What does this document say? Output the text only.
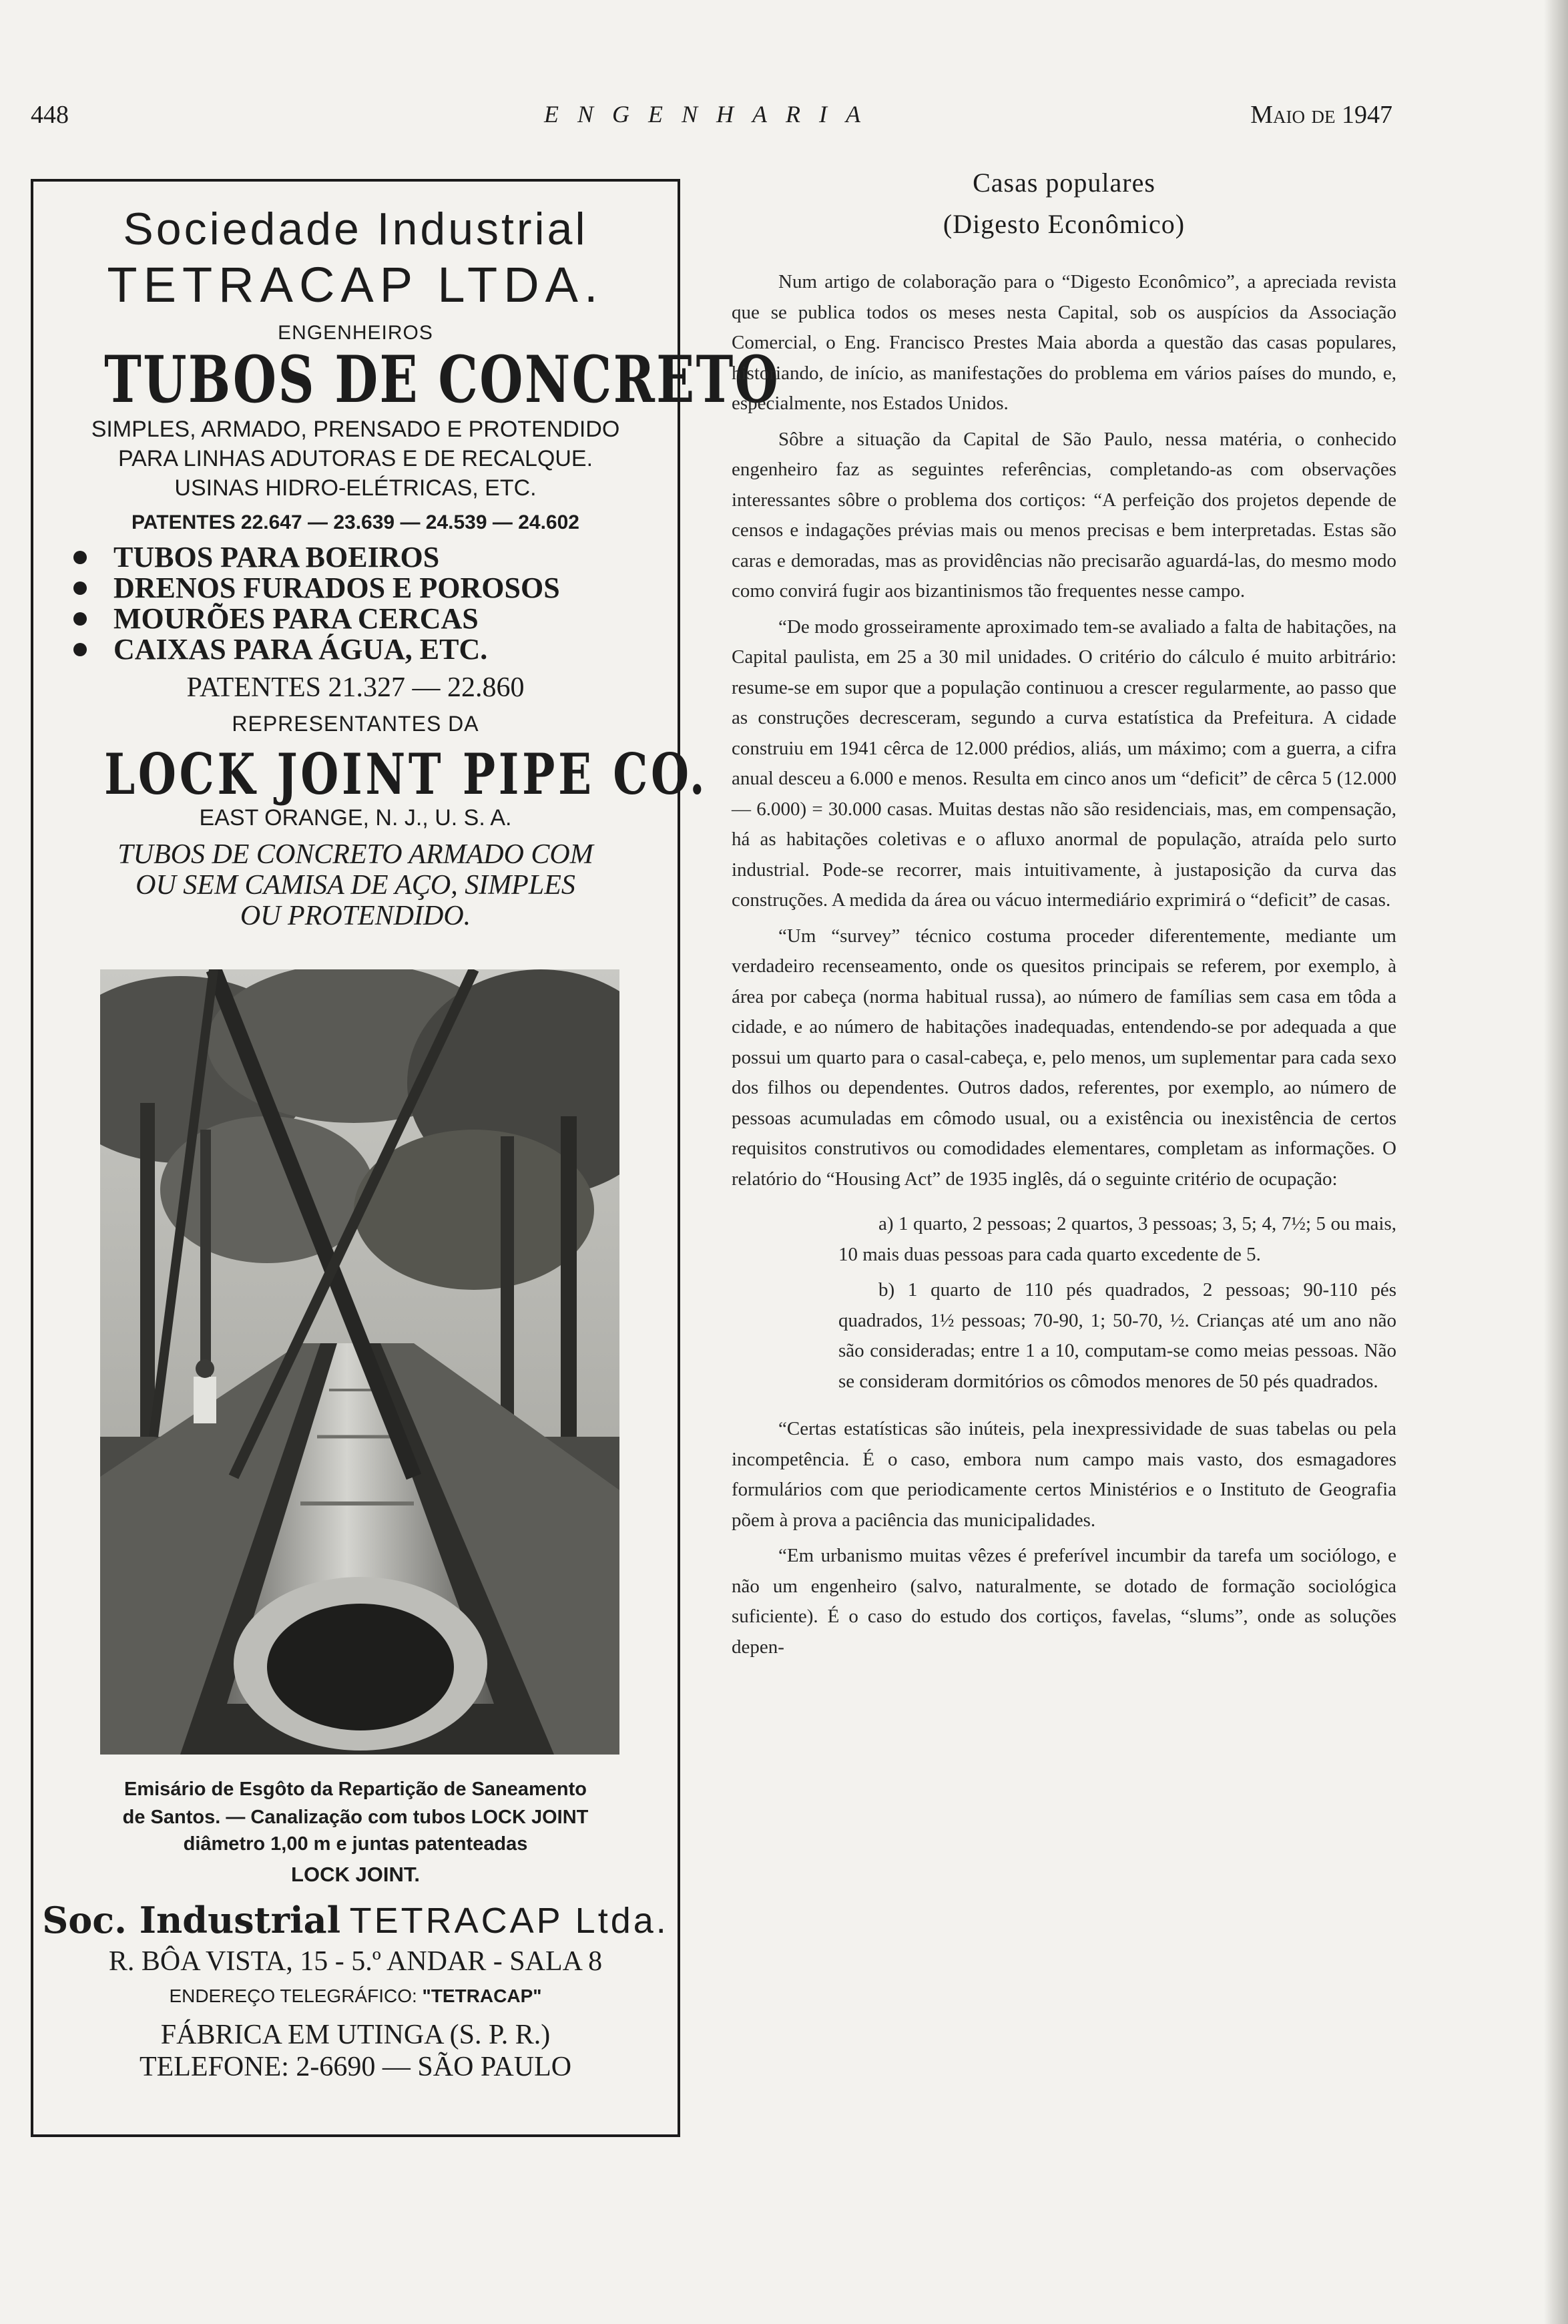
448	ENGENHARIA	Maio de 1947
Sociedade Industrial
TETRACAP LTDA.
ENGENHEIROS
TUBOS DE CONCRETO
SIMPLES, ARMADO, PRENSADO E PROTENDIDO
PARA LINHAS ADUTORAS E DE RECALQUE.
USINAS HIDRO-ELÉTRICAS, ETC.
PATENTES 22.647 — 23.639 — 24.539 — 24.602
TUBOS PARA BOEIROS
DRENOS FURADOS E POROSOS
MOURÕES PARA CERCAS
CAIXAS PARA ÁGUA, ETC.
PATENTES 21.327 — 22.860
REPRESENTANTES DA
LOCK JOINT PIPE CO.
EAST ORANGE, N. J., U. S. A.
TUBOS DE CONCRETO ARMADO COM
OU SEM CAMISA DE AÇO, SIMPLES
OU PROTENDIDO.
Emisário de Esgôto da Repartição de Saneamento
de Santos. — Canalização com tubos LOCK JOINT
diâmetro 1,00 m e juntas patenteadas
LOCK JOINT.
Soc. Industrial TETRACAP Ltda.
R. BÔA VISTA, 15 - 5.º ANDAR - SALA 8
ENDEREÇO TELEGRÁFICO: "TETRACAP"
FÁBRICA EM UTINGA (S. P. R.)
TELEFONE: 2-6690 — SÃO PAULO
Casas populares
(Digesto Econômico)

Num artigo de colaboração para o “Digesto Econômico”, a apreciada revista que se publica todos os meses nesta Capital, sob os auspícios da Associação Comercial, o Eng. Francisco Prestes Maia aborda a questão das casas populares, historiando, de início, as manifestações do problema em vários países do mundo, e, especialmente, nos Estados Unidos.

Sôbre a situação da Capital de São Paulo, nessa matéria, o conhecido engenheiro faz as seguintes referências, completando-as com observações interessantes sôbre o problema dos cortiços: “A perfeição dos projetos depende de censos e indagações prévias mais ou menos precisas e bem interpretadas. Estas são caras e demoradas, mas as providências não precisarão aguardá-las, do mesmo modo como convirá fugir aos bizantinismos tão frequentes nesse campo.

“De modo grosseiramente aproximado tem-se avaliado a falta de habitações, na Capital paulista, em 25 a 30 mil unidades. O critério do cálculo é muito arbitrário: resume-se em supor que a população continuou a crescer regularmente, ao passo que as construções decresceram, segundo a curva estatística da Prefeitura. A cidade construiu em 1941 cêrca de 12.000 prédios, aliás, um máximo; com a guerra, a cifra anual desceu a 6.000 e menos. Resulta em cinco anos um “deficit” de cêrca 5 (12.000 — 6.000) = 30.000 casas. Muitas destas não são residenciais, mas, em compensação, há as habitações coletivas e o afluxo anormal de população, atraída pelo surto industrial. Pode-se recorrer, mais intuitivamente, à justaposição da curva das construções. A medida da área ou vácuo intermediário exprimirá o “deficit” de casas.

“Um “survey” técnico costuma proceder diferentemente, mediante um verdadeiro recenseamento, onde os quesitos principais se referem, por exemplo, à área por cabeça (norma habitual russa), ao número de famílias sem casa em tôda a cidade, e ao número de habitações inadequadas, entendendo-se por adequada a que possui um quarto para o casal-cabeça, e, pelo menos, um suplementar para cada sexo dos filhos ou dependentes. Outros dados, referentes, por exemplo, ao número de pessoas acumuladas em cômodo usual, ou a existência ou inexistência de certos requisitos construtivos ou comodidades elementares, completam as informações. O relatório do “Housing Act” de 1935 inglês, dá o seguinte critério de ocupação:

a) 1 quarto, 2 pessoas; 2 quartos, 3 pessoas; 3, 5; 4, 7½; 5 ou mais, 10 mais duas pessoas para cada quarto excedente de 5.

b) 1 quarto de 110 pés quadrados, 2 pessoas; 90-110 pés quadrados, 1½ pessoas; 70-90, 1; 50-70, ½. Crianças até um ano não são consideradas; entre 1 a 10, computam-se como meias pessoas. Não se consideram dormitórios os cômodos menores de 50 pés quadrados.

“Certas estatísticas são inúteis, pela inexpressividade de suas tabelas ou pela incompetência. É o caso, embora num campo mais vasto, dos esmagadores formulários com que periodicamente certos Ministérios e o Instituto de Geografia põem à prova a paciência das municipalidades.

“Em urbanismo muitas vêzes é preferível incumbir da tarefa um sociólogo, e não um engenheiro (salvo, naturalmente, se dotado de formação sociológica suficiente). É o caso do estudo dos cortiços, favelas, “slums”, onde as soluções depen-
